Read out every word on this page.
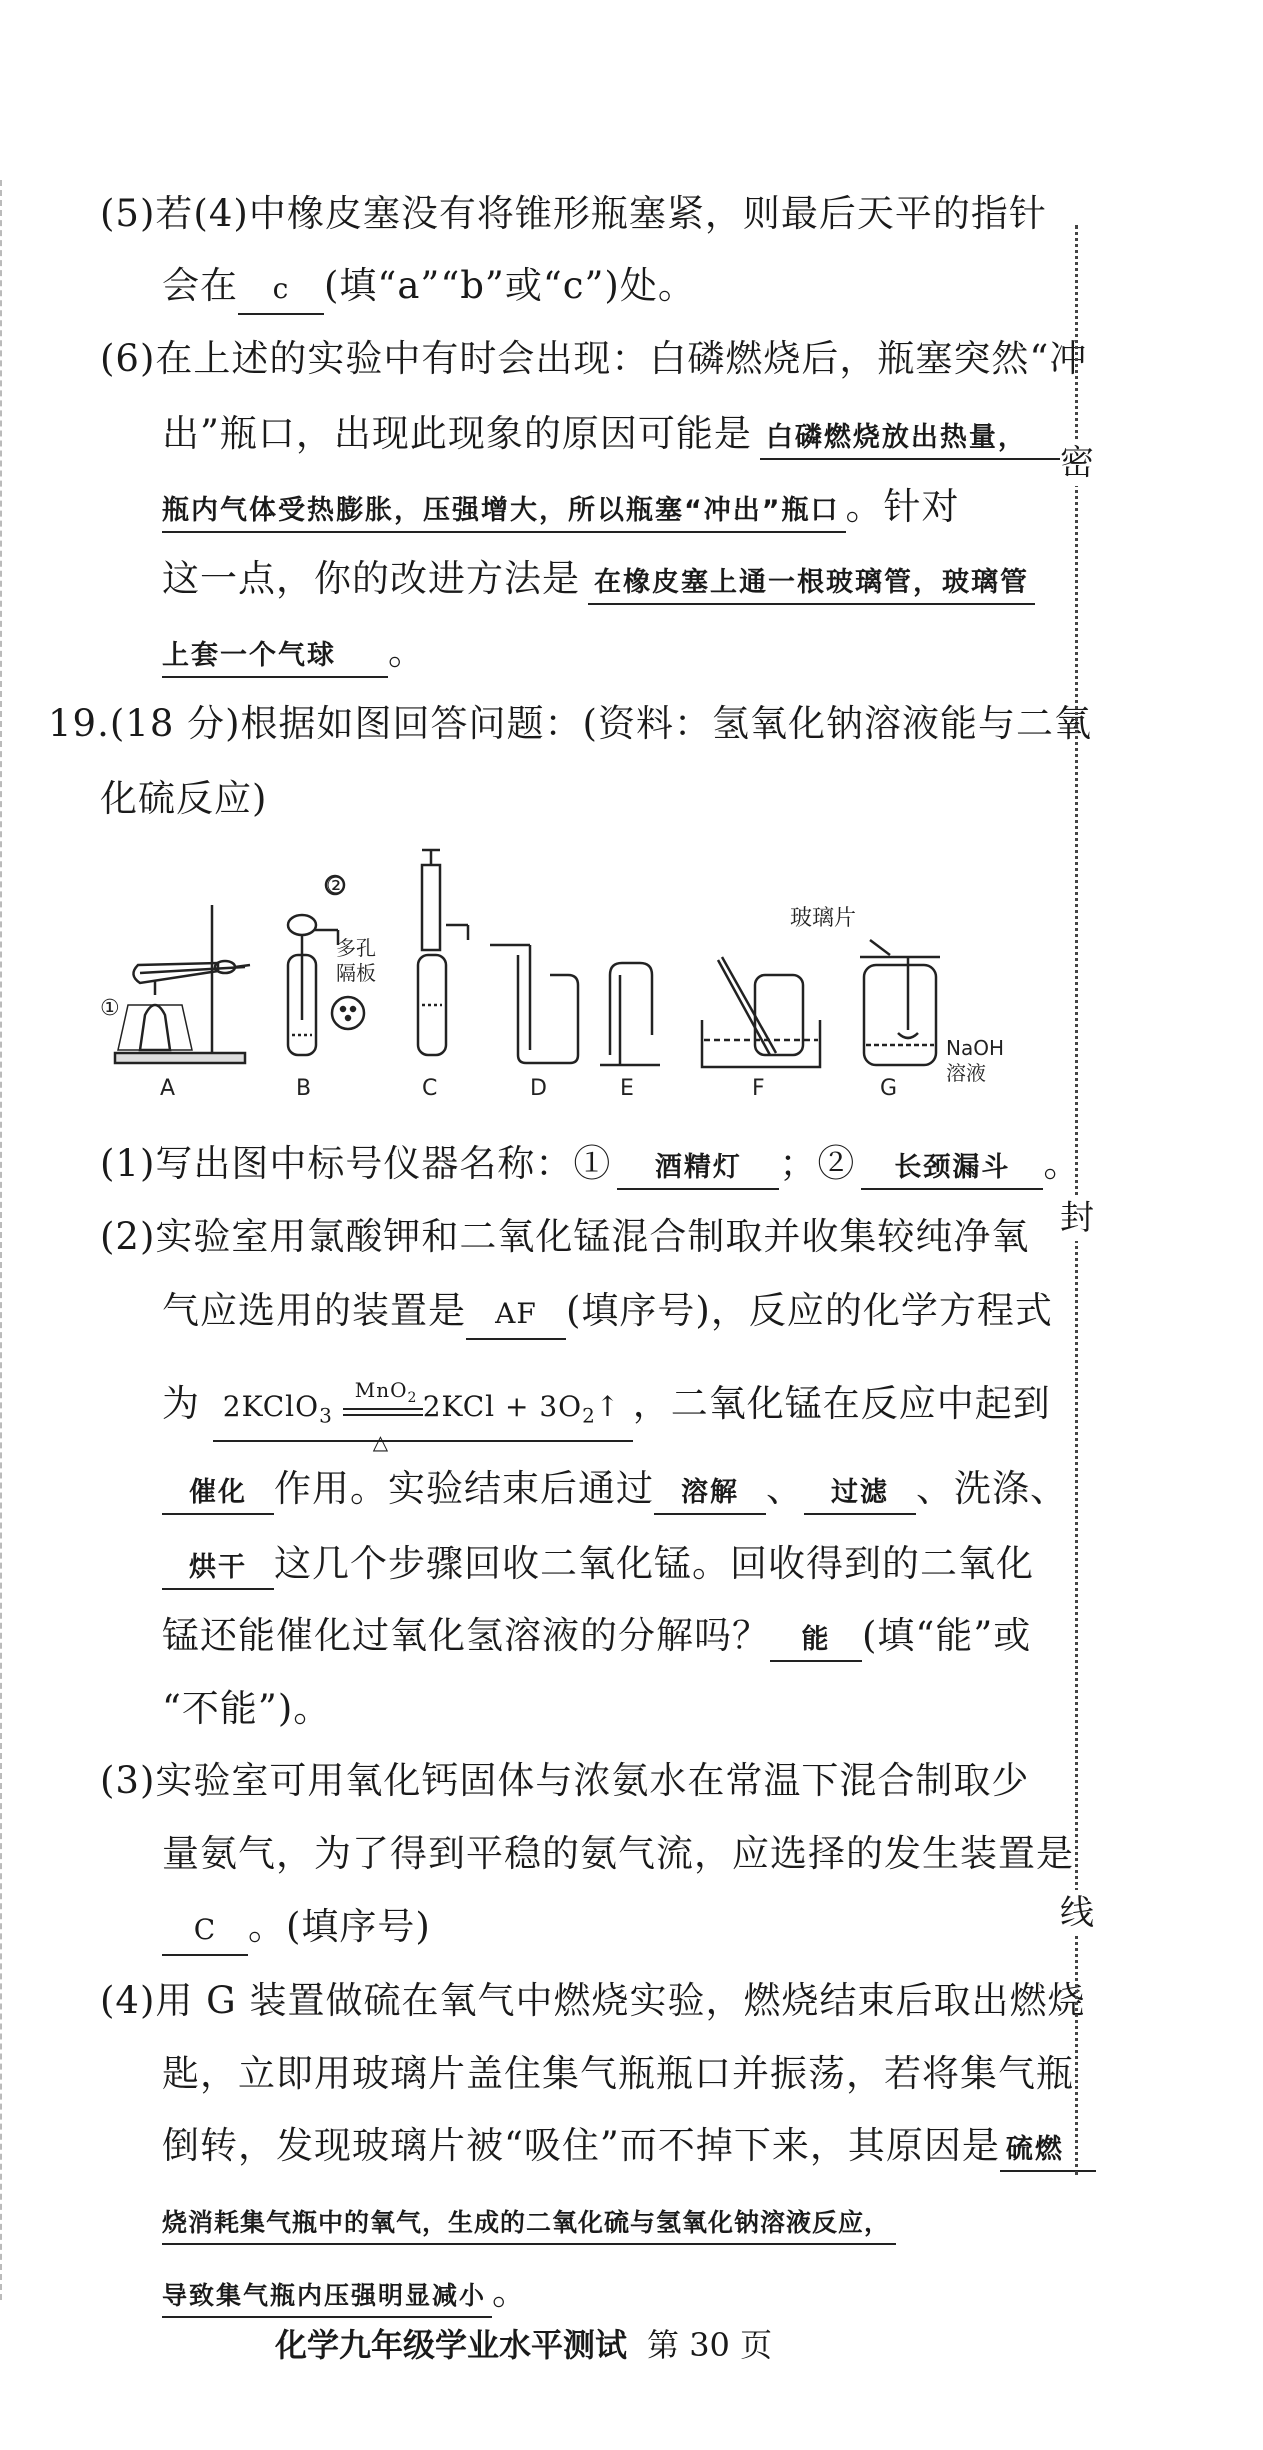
(5)若(4)中橡皮塞没有将锥形瓶塞紧，则最后天平的指针
会在 c (填“a”“b”或“c”)处。
(6)在上述的实验中有时会出现：白磷燃烧后，瓶塞突然“冲
出”瓶口，出现此现象的原因可能是 白磷燃烧放出热量，
瓶内气体受热膨胀，压强增大，所以瓶塞“冲出”瓶口 。针对
这一点，你的改进方法是 在橡皮塞上通一根玻璃管，玻璃管
上套一个气球 。
19.(18 分)根据如图回答问题：(资料：氢氧化钠溶液能与二氧
化硫反应)
A	B	C	D	E	F	G
①
②
多孔
隔板
玻璃片
NaOH
溶液
(1)写出图中标号仪器名称：① 酒精灯 ；② 长颈漏斗 。
(2)实验室用氯酸钾和二氧化锰混合制取并收集较纯净氧
气应选用的装置是 AF (填序号)，反应的化学方程式
为 2KClO$_3$
MnO$_2$
△
$2KCl + 3O_2↑$ ，二氧化锰在反应中起到
催化 作用。实验结束后通过 溶解 、 过滤 、洗涤、
烘干 这几个步骤回收二氧化锰。回收得到的二氧化
锰还能催化过氧化氢溶液的分解吗？ 能 (填“能”或
“不能”)。
(3)实验室可用氧化钙固体与浓氨水在常温下混合制取少
量氨气，为了得到平稳的氨气流，应选择的发生装置是
C 。(填序号)
(4)用 G 装置做硫在氧气中燃烧实验，燃烧结束后取出燃烧
匙，立即用玻璃片盖住集气瓶瓶口并振荡，若将集气瓶
倒转，发现玻璃片被“吸住”而不掉下来，其原因是 硫燃
烧消耗集气瓶中的氧气，生成的二氧化硫与氢氧化钠溶液反应，
导致集气瓶内压强明显减小 。
密
封
线
化学九年级学业水平测试 第 30 页
